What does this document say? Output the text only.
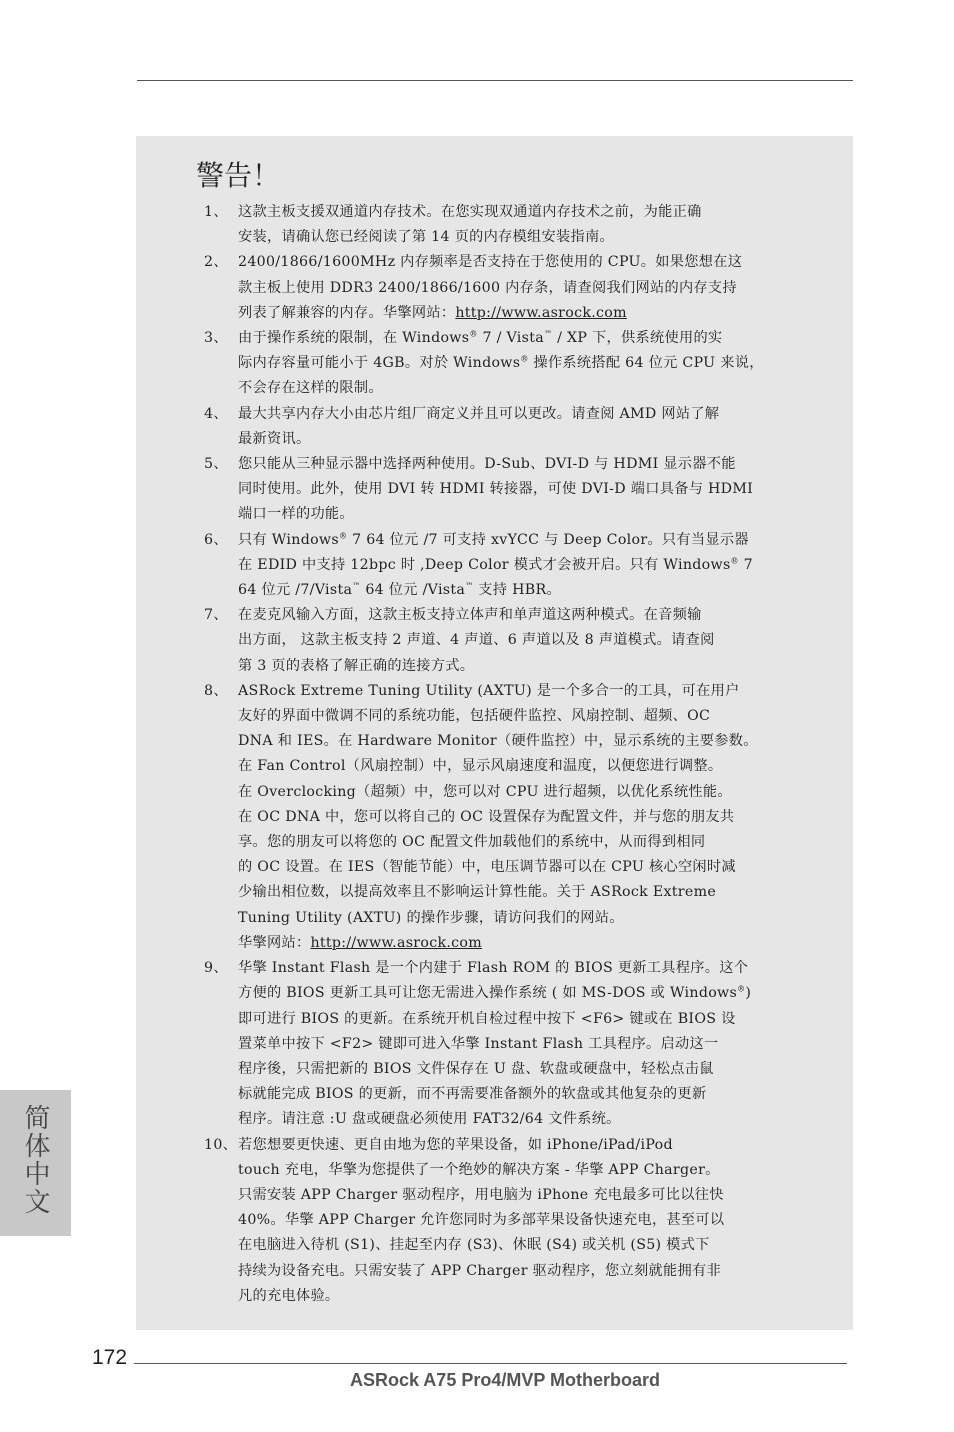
警告！
1、 这款主板支援双通道内存技术。在您实现双通道内存技术之前，为能正确
安装，请确认您已经阅读了第 14 页的内存模组安装指南。
2、 2400/1866/1600MHz 内存频率是否支持在于您使用的 CPU。如果您想在这
款主板上使用 DDR3 2400/1866/1600 内存条，请查阅我们网站的内存支持
列表了解兼容的内存。华擎网站：http://www.asrock.com
3、 由于操作系统的限制，在 Windows® 7 / Vista™ / XP 下，供系统使用的实
际内存容量可能小于 4GB。对於 Windows® 操作系统搭配 64 位元 CPU 来说，
不会存在这样的限制。
4、 最大共享内存大小由芯片组厂商定义并且可以更改。请查阅 AMD 网站了解
最新资讯。
5、 您只能从三种显示器中选择两种使用。D-Sub、DVI-D 与 HDMI 显示器不能
同时使用。此外，使用 DVI 转 HDMI 转接器，可使 DVI-D 端口具备与 HDMI
端口一样的功能。
6、 只有 Windows® 7 64 位元 /7 可支持 xvYCC 与 Deep Color。只有当显示器
在 EDID 中支持 12bpc 时 ,Deep Color 模式才会被开启。只有 Windows® 7
64 位元 /7/Vista™ 64 位元 /Vista™ 支持 HBR。
7、 在麦克风输入方面，这款主板支持立体声和单声道这两种模式。在音频输
出方面， 这款主板支持 2 声道、4 声道、6 声道以及 8 声道模式。请查阅
第 3 页的表格了解正确的连接方式。
8、 ASRock Extreme Tuning Utility (AXTU) 是一个多合一的工具，可在用户
友好的界面中微调不同的系统功能，包括硬件监控、风扇控制、超频、OC
DNA 和 IES。在 Hardware Monitor（硬件监控）中，显示系统的主要参数。
在 Fan Control（风扇控制）中，显示风扇速度和温度，以便您进行调整。
在 Overclocking（超频）中，您可以对 CPU 进行超频，以优化系统性能。
在 OC DNA 中，您可以将自己的 OC 设置保存为配置文件，并与您的朋友共
享。您的朋友可以将您的 OC 配置文件加载他们的系统中，从而得到相同
的 OC 设置。在 IES（智能节能）中，电压调节器可以在 CPU 核心空闲时减
少输出相位数，以提高效率且不影响运计算性能。关于 ASRock Extreme
Tuning Utility (AXTU) 的操作步骤，请访问我们的网站。
华擎网站：http://www.asrock.com
9、 华擎 Instant Flash 是一个内建于 Flash ROM 的 BIOS 更新工具程序。这个
方便的 BIOS 更新工具可让您无需进入操作系统 ( 如 MS-DOS 或 Windows®)
即可进行 BIOS 的更新。在系统开机自检过程中按下 <F6> 键或在 BIOS 设
置菜单中按下 <F2> 键即可进入华擎 Instant Flash 工具程序。启动这一
程序後，只需把新的 BIOS 文件保存在 U 盘、软盘或硬盘中，轻松点击鼠
标就能完成 BIOS 的更新，而不再需要准备额外的软盘或其他复杂的更新
程序。请注意 :U 盘或硬盘必须使用 FAT32/64 文件系统。
10、 若您想要更快速、更自由地为您的苹果设备，如 iPhone/iPad/iPod
touch 充电，华擎为您提供了一个绝妙的解决方案 - 华擎 APP Charger。
只需安装 APP Charger 驱动程序，用电脑为 iPhone 充电最多可比以往快
40%。华擎 APP Charger 允许您同时为多部苹果设备快速充电，甚至可以
在电脑进入待机 (S1)、挂起至内存 (S3)、休眠 (S4) 或关机 (S5) 模式下
持续为设备充电。只需安装了 APP Charger 驱动程序，您立刻就能拥有非
凡的充电体验。
简体中文
172
ASRock A75 Pro4/MVP Motherboard
